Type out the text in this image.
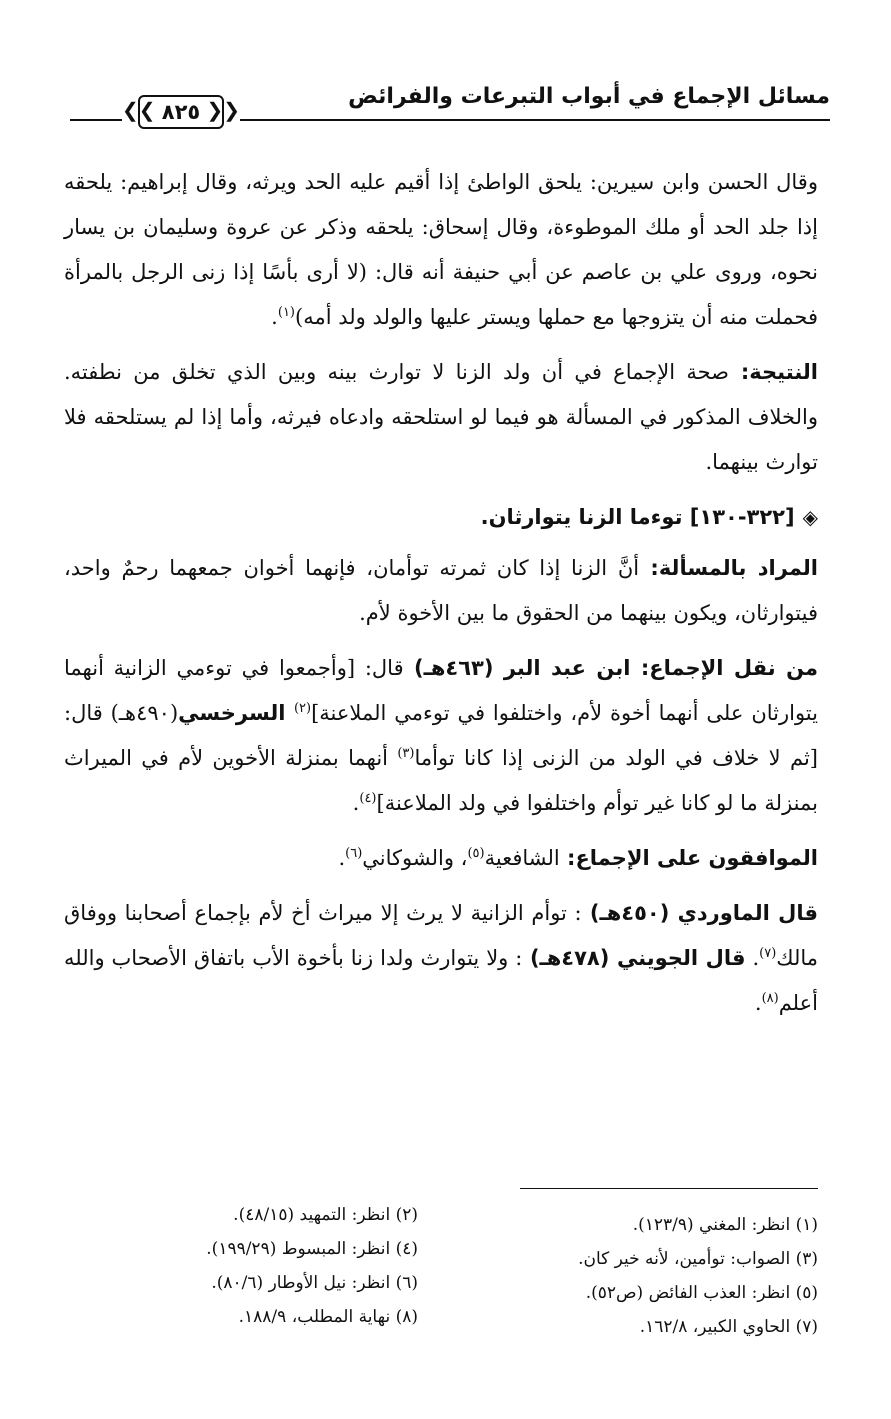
مسائل الإجماع في أبواب التبرعات والفرائض
❮❮ ٨٢٥ ❯❯
وقال الحسن وابن سيرين: يلحق الواطئ إذا أقيم عليه الحد ويرثه، وقال إبراهيم: يلحقه إذا جلد الحد أو ملك الموطوءة، وقال إسحاق: يلحقه وذكر عن عروة وسليمان بن يسار نحوه، وروى علي بن عاصم عن أبي حنيفة أنه قال: (لا أرى بأسًا إذا زنى الرجل بالمرأة فحملت منه أن يتزوجها مع حملها ويستر عليها والولد ولد أمه)$^{(١)}$.
النتيجة: صحة الإجماع في أن ولد الزنا لا توارث بينه وبين الذي تخلق من نطفته. والخلاف المذكور في المسألة هو فيما لو استلحقه وادعاه فيرثه، وأما إذا لم يستلحقه فلا توارث بينهما.
◈[٣٢٢-١٣٠] توءما الزنا يتوارثان.
المراد بالمسألة: أنَّ الزنا إذا كان ثمرته توأمان، فإنهما أخوان جمعهما رحمٌ واحد، فيتوارثان، ويكون بينهما من الحقوق ما بين الأخوة لأم.
من نقل الإجماع: ابن عبد البر (٤٦٣هـ) قال: [وأجمعوا في توءمي الزانية أنهما يتوارثان على أنهما أخوة لأم، واختلفوا في توءمي الملاعنة]$^{(٢)}$ السرخسي(٤٩٠هـ) قال: [ثم لا خلاف في الولد من الزنى إذا كانا توأما$^{(٣)}$ أنهما بمنزلة الأخوين لأم في الميراث بمنزلة ما لو كانا غير توأم واختلفوا في ولد الملاعنة]$^{(٤)}$.
الموافقون على الإجماع: الشافعية$^{(٥)}$، والشوكاني$^{(٦)}$.
قال الماوردي (٤٥٠هـ) : توأم الزانية لا يرث إلا ميراث أخ لأم بإجماع أصحابنا ووفاق مالك$^{(٧)}$. قال الجويني (٤٧٨هـ) : ولا يتوارث ولدا زنا بأخوة الأب باتفاق الأصحاب والله أعلم$^{(٨)}$.
(١) انظر: المغني (١٢٣/٩).
(٣) الصواب: توأمين، لأنه خير كان.
(٥) انظر: العذب الفائض (ص٥٢).
(٧) الحاوي الكبير، ١٦٢/٨.
(٢) انظر: التمهيد (٤٨/١٥).
(٤) انظر: المبسوط (١٩٩/٢٩).
(٦) انظر: نيل الأوطار (٨٠/٦).
(٨) نهاية المطلب، ١٨٨/٩.
